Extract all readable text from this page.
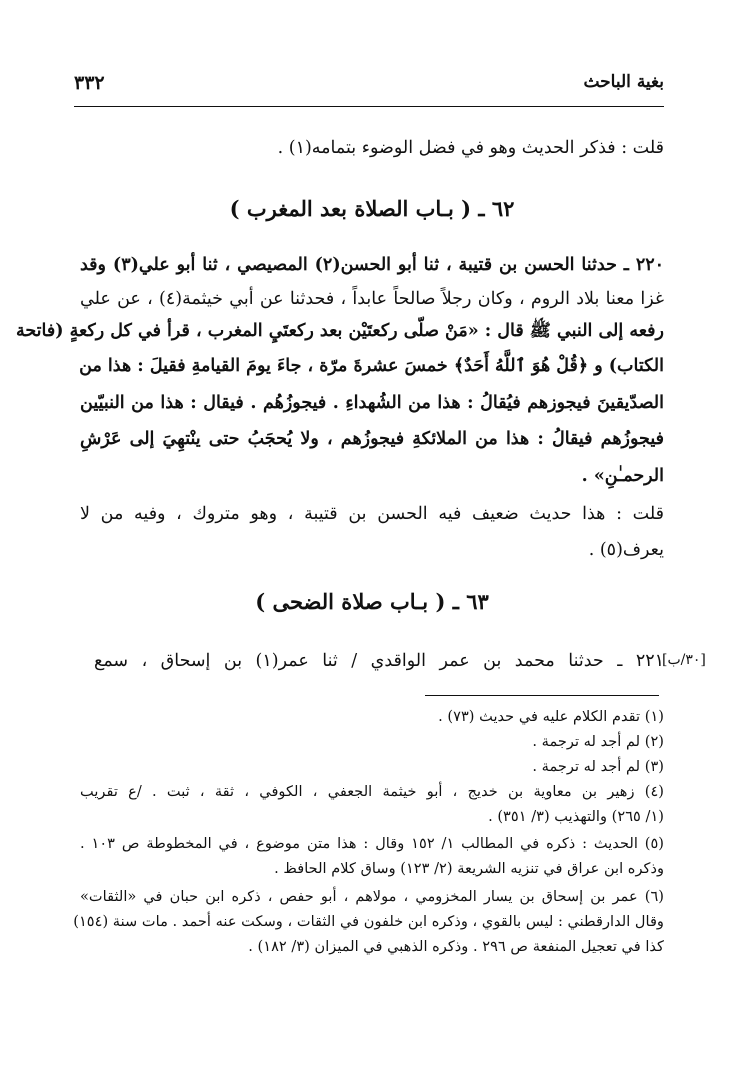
بغية الباحث
٣٣٢
قلت : فذكر الحديث وهو في فضل الوضوء بتمامه(١) .
٦٢ ـ ( بـاب الصلاة بعد المغرب )
٢٢٠ ـ حدثنا الحسن بن قتيبة ، ثنا أبو الحسن(٢) المصيصي ، ثنا أبو علي(٣) وقد
غزا معنا بلاد الروم ، وكان رجلاً صالحاً عابداً ، فحدثنا عن أبي خيثمة(٤) ، عن علي
رفعه إلى النبي ﷺ قال : «مَنْ صلّى ركعتَيْن بعد ركعتَيِ المغرب ، قرأ في كل ركعةٍ (فاتحة
الكتاب) و ﴿قُلْ هُوَ ٱللَّهُ أَحَدٌ﴾ خمسَ عشرةَ مرّة ، جاءَ يومَ القيامةِ فقيلَ : هذا من
الصدّيقينَ فيجوزهم فيُقالُ : هذا من الشُهداءِ . فيجوزُهُم . فيقال : هذا من النبيّين
فيجوزُهم فيقالُ : هذا من الملائكةِ فيجوزُهم ، ولا يُحجَبُ حتى ينْتهِيَ إلى عَرْشِ
الرحمـٰنِ» .
قلت : هذا حديث ضعيف فيه الحسن بن قتيبة ، وهو متروك ، وفيه من لا
يعرف(٥) .
٦٣ ـ ( بـاب صلاة الضحى )
٢٢١ ـ حدثنا محمد بن عمر الواقدي / ثنا عمر(١) بن إسحاق ، سمع
[٣٠/ب]
(١) تقدم الكلام عليه في حديث (٧٣) .
(٢) لم أجد له ترجمة .
(٣) لم أجد له ترجمة .
(٤) زهير بن معاوية بن خديج ، أبو خيثمة الجعفي ، الكوفي ، ثقة ، ثبت . /ع تقريب
(١/ ٢٦٥) والتهذيب (٣/ ٣٥١) .
(٥) الحديث : ذكره في المطالب ١/ ١٥٢ وقال : هذا متن موضوع ، في المخطوطة ص ١٠٣ .
وذكره ابن عراق في تنزيه الشريعة (٢/ ١٢٣) وساق كلام الحافظ .
(٦) عمر بن إسحاق بن يسار المخزومي ، مولاهم ، أبو حفص ، ذكره ابن حبان في «الثقات»
وقال الدارقطني : ليس بالقوي ، وذكره ابن خلفون في الثقات ، وسكت عنه أحمد . مات سنة (١٥٤)
كذا في تعجيل المنفعة ص ٢٩٦ . وذكره الذهبي في الميزان (٣/ ١٨٢) .
